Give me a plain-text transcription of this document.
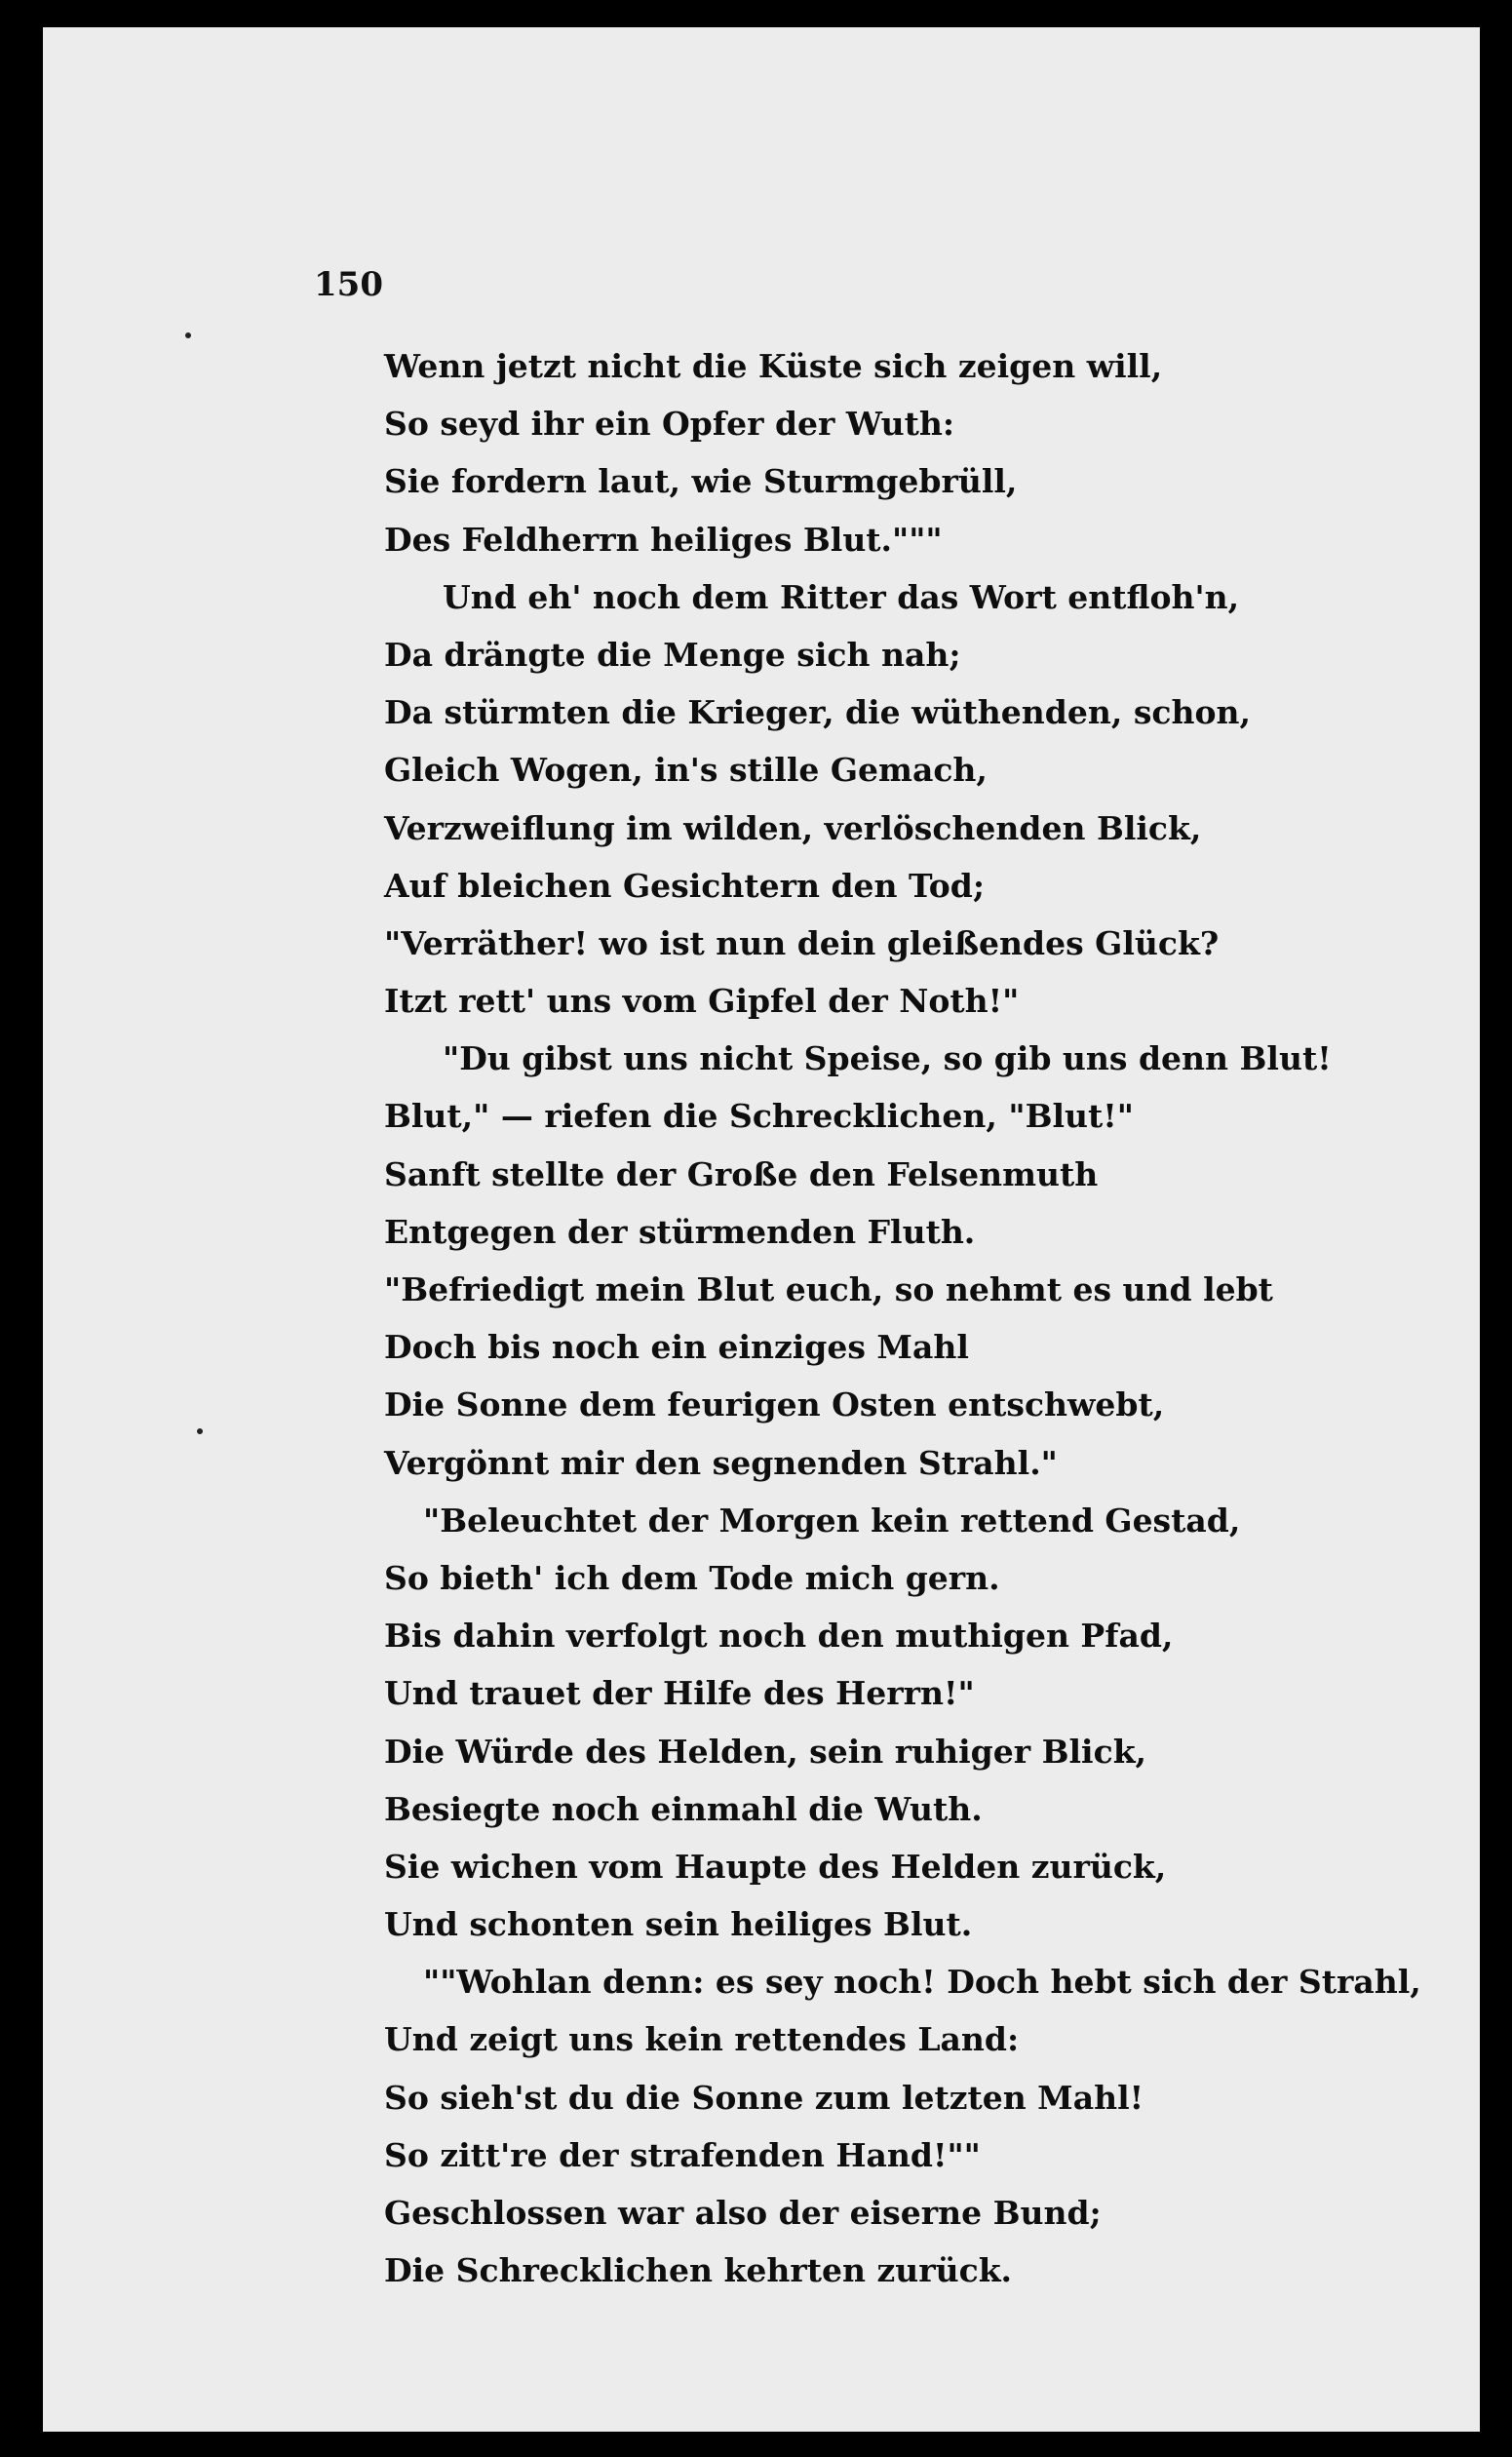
150
Wenn jetzt nicht die Küste sich zeigen will,
So seyd ihr ein Opfer der Wuth:
Sie fordern laut, wie Sturmgebrüll,
Des Feldherrn heiliges Blut."""
Und eh' noch dem Ritter das Wort entfloh'n,
Da drängte die Menge sich nah;
Da stürmten die Krieger, die wüthenden, schon,
Gleich Wogen, in's stille Gemach,
Verzweiflung im wilden, verlöschenden Blick,
Auf bleichen Gesichtern den Tod;
"Verräther! wo ist nun dein gleißendes Glück?
Itzt rett' uns vom Gipfel der Noth!"
"Du gibst uns nicht Speise, so gib uns denn Blut!
Blut," — riefen die Schrecklichen, "Blut!"
Sanft stellte der Große den Felsenmuth
Entgegen der stürmenden Fluth.
"Befriedigt mein Blut euch, so nehmt es und lebt
Doch bis noch ein einziges Mahl
Die Sonne dem feurigen Osten entschwebt,
Vergönnt mir den segnenden Strahl."
"Beleuchtet der Morgen kein rettend Gestad,
So bieth' ich dem Tode mich gern.
Bis dahin verfolgt noch den muthigen Pfad,
Und trauet der Hilfe des Herrn!"
Die Würde des Helden, sein ruhiger Blick,
Besiegte noch einmahl die Wuth.
Sie wichen vom Haupte des Helden zurück,
Und schonten sein heiliges Blut.
""Wohlan denn: es sey noch! Doch hebt sich der Strahl,
Und zeigt uns kein rettendes Land:
So sieh'st du die Sonne zum letzten Mahl!
So zitt're der strafenden Hand!""
Geschlossen war also der eiserne Bund;
Die Schrecklichen kehrten zurück.
